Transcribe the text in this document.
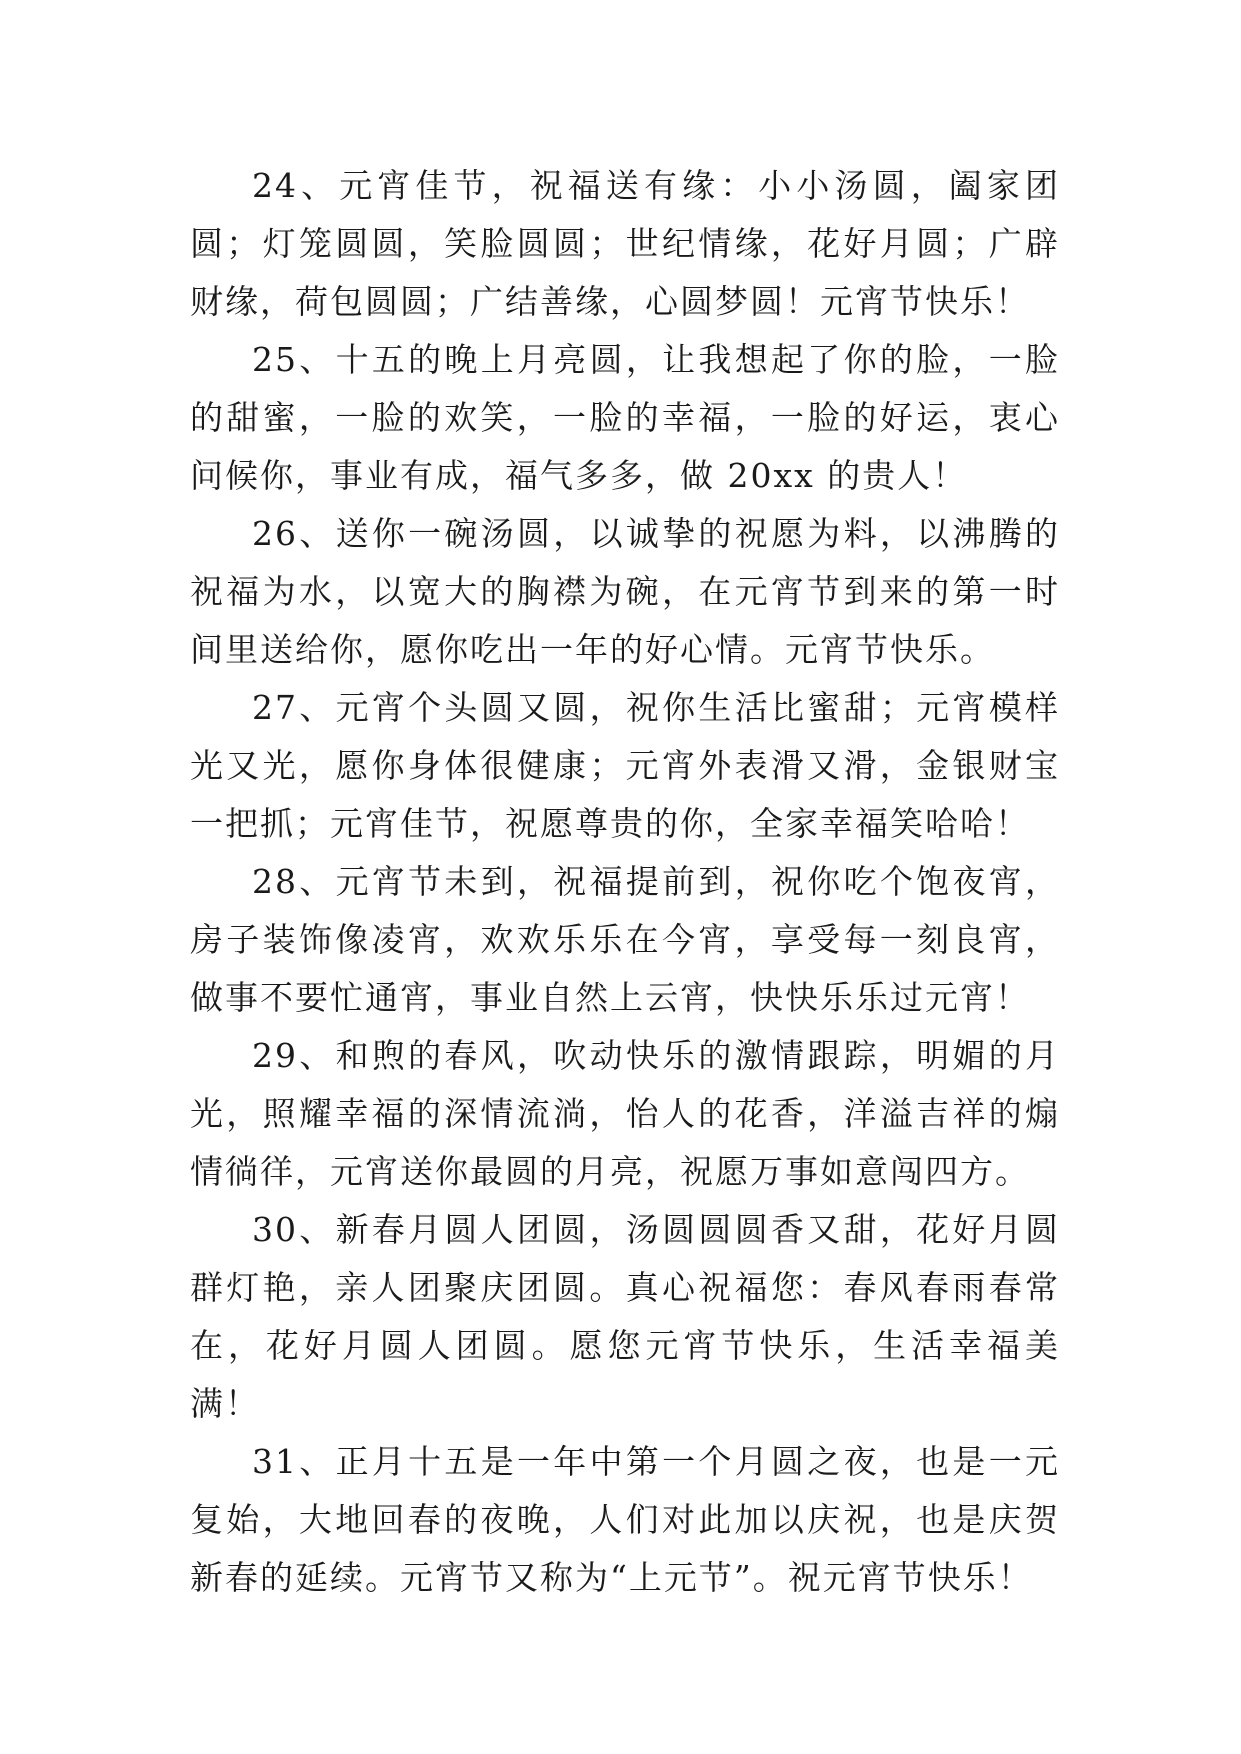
24、元宵佳节，祝福送有缘：小小汤圆，阖家团圆；灯笼圆圆，笑脸圆圆；世纪情缘，花好月圆；广辟财缘，荷包圆圆；广结善缘，心圆梦圆！元宵节快乐！

25、十五的晚上月亮圆，让我想起了你的脸，一脸的甜蜜，一脸的欢笑，一脸的幸福，一脸的好运，衷心问候你，事业有成，福气多多，做 20xx 的贵人！

26、送你一碗汤圆，以诚挚的祝愿为料，以沸腾的祝福为水，以宽大的胸襟为碗，在元宵节到来的第一时间里送给你，愿你吃出一年的好心情。元宵节快乐。

27、元宵个头圆又圆，祝你生活比蜜甜；元宵模样光又光，愿你身体很健康；元宵外表滑又滑，金银财宝一把抓；元宵佳节，祝愿尊贵的你，全家幸福笑哈哈！

28、元宵节未到，祝福提前到，祝你吃个饱夜宵，房子装饰像凌宵，欢欢乐乐在今宵，享受每一刻良宵，做事不要忙通宵，事业自然上云宵，快快乐乐过元宵！

29、和煦的春风，吹动快乐的激情跟踪，明媚的月光，照耀幸福的深情流淌，怡人的花香，洋溢吉祥的煽情徜徉，元宵送你最圆的月亮，祝愿万事如意闯四方。

30、新春月圆人团圆，汤圆圆圆香又甜，花好月圆群灯艳，亲人团聚庆团圆。真心祝福您：春风春雨春常在，花好月圆人团圆。愿您元宵节快乐，生活幸福美满！

31、正月十五是一年中第一个月圆之夜，也是一元复始，大地回春的夜晚，人们对此加以庆祝，也是庆贺新春的延续。元宵节又称为“上元节”。祝元宵节快乐！
